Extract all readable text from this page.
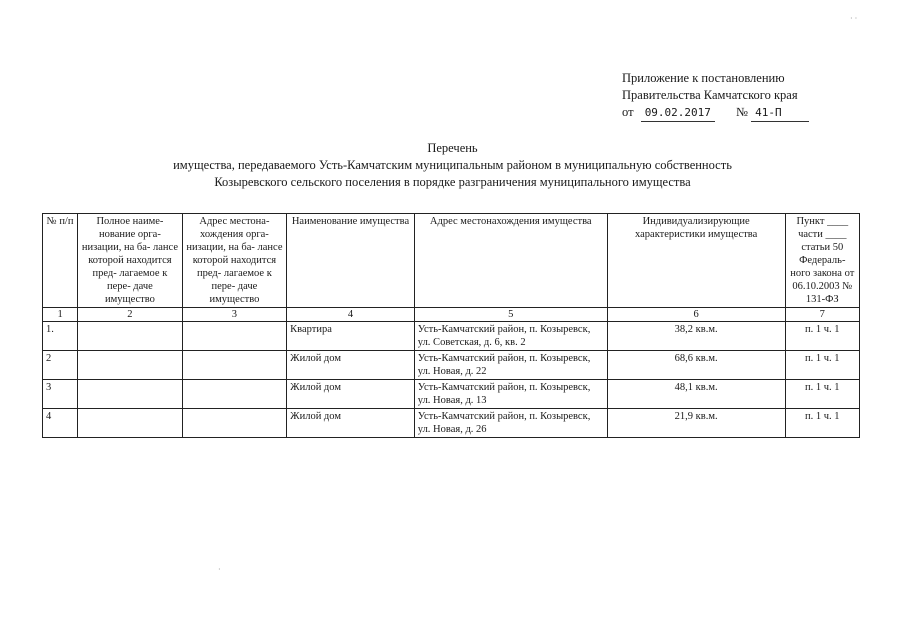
Приложение к постановлению
Правительства Камчатского края
от 09.02.2017 № 41-П
Перечень
имущества, передаваемого Усть-Камчатским муниципальным районом в муниципальную собственность
Козыревского сельского поселения в порядке разграничения муниципального имущества
№ п/п	Полное наиме- нование орга- низации, на ба- лансе которой находится пред- лагаемое к пере- даче имущество	Адрес местона- хождения орга- низации, на ба- лансе которой находится пред- лагаемое к пере- даче имущество	Наименование имущества	Адрес местонахождения имущества	Индивидуализирующие характеристики имущества	Пункт ____ части ____ статьи 50 Федераль- ного закона от 06.10.2003 № 131-ФЗ
1	2	3	4	5	6	7
1.			Квартира	Усть-Камчатский район, п. Козыревск, ул. Советская, д. 6, кв. 2	38,2 кв.м.	п. 1 ч. 1
2			Жилой дом	Усть-Камчатский район, п. Козыревск, ул. Новая, д. 22	68,6 кв.м.	п. 1 ч. 1
3			Жилой дом	Усть-Камчатский район, п. Козыревск, ул. Новая, д. 13	48,1 кв.м.	п. 1 ч. 1
4			Жилой дом	Усть-Камчатский район, п. Козыревск, ул. Новая, д. 26	21,9 кв.м.	п. 1 ч. 1
·
· ·
